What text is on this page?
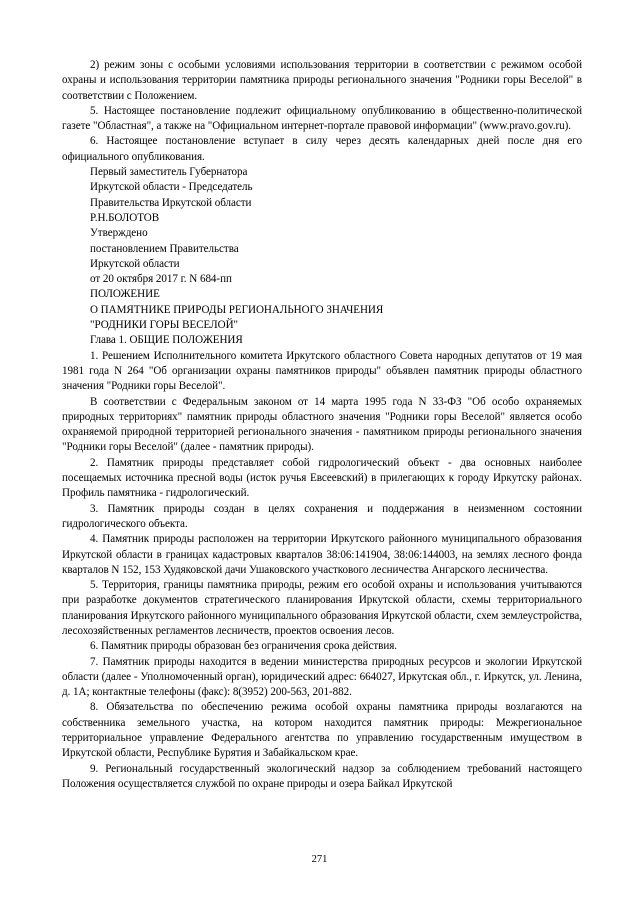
2) режим зоны с особыми условиями использования территории в соответствии с режимом особой охраны и использования территории памятника природы регионального значения "Родники горы Веселой" в соответствии с Положением.

5. Настоящее постановление подлежит официальному опубликованию в общественно-политической газете "Областная", а также на "Официальном интернет-портале правовой информации" (www.pravo.gov.ru).

6. Настоящее постановление вступает в силу через десять календарных дней после дня его официального опубликования.

Первый заместитель Губернатора

Иркутской области - Председатель

Правительства Иркутской области

Р.Н.БОЛОТОВ

Утверждено

постановлением Правительства

Иркутской области

от 20 октября 2017 г. N 684-пп

ПОЛОЖЕНИЕ

О ПАМЯТНИКЕ ПРИРОДЫ РЕГИОНАЛЬНОГО ЗНАЧЕНИЯ

"РОДНИКИ ГОРЫ ВЕСЕЛОЙ"

Глава 1. ОБЩИЕ ПОЛОЖЕНИЯ

1. Решением Исполнительного комитета Иркутского областного Совета народных депутатов от 19 мая 1981 года N 264 "Об организации охраны памятников природы" объявлен памятник природы областного значения "Родники горы Веселой".

В соответствии с Федеральным законом от 14 марта 1995 года N 33-ФЗ "Об особо охраняемых природных территориях" памятник природы областного значения "Родники горы Веселой" является особо охраняемой природной территорией регионального значения - памятником природы регионального значения "Родники горы Веселой" (далее - памятник природы).

2. Памятник природы представляет собой гидрологический объект - два основных наиболее посещаемых источника пресной воды (исток ручья Евсеевский) в прилегающих к городу Иркутску районах. Профиль памятника - гидрологический.

3. Памятник природы создан в целях сохранения и поддержания в неизменном состоянии гидрологического объекта.

4. Памятник природы расположен на территории Иркутского районного муниципального образования Иркутской области в границах кадастровых кварталов 38:06:141904, 38:06:144003, на землях лесного фонда кварталов N 152, 153 Худяковской дачи Ушаковского участкового лесничества Ангарского лесничества.

5. Территория, границы памятника природы, режим его особой охраны и использования учитываются при разработке документов стратегического планирования Иркутской области, схемы территориального планирования Иркутского районного муниципального образования Иркутской области, схем землеустройства, лесохозяйственных регламентов лесничеств, проектов освоения лесов.

6. Памятник природы образован без ограничения срока действия.

7. Памятник природы находится в ведении министерства природных ресурсов и экологии Иркутской области (далее - Уполномоченный орган), юридический адрес: 664027, Иркутская обл., г. Иркутск, ул. Ленина, д. 1А; контактные телефоны (факс): 8(3952) 200-563, 201-882.

8. Обязательства по обеспечению режима особой охраны памятника природы возлагаются на собственника земельного участка, на котором находится памятник природы: Межрегиональное территориальное управление Федерального агентства по управлению государственным имуществом в Иркутской области, Республике Бурятия и Забайкальском крае.

9. Региональный государственный экологический надзор за соблюдением требований настоящего Положения осуществляется службой по охране природы и озера Байкал Иркутской

271
